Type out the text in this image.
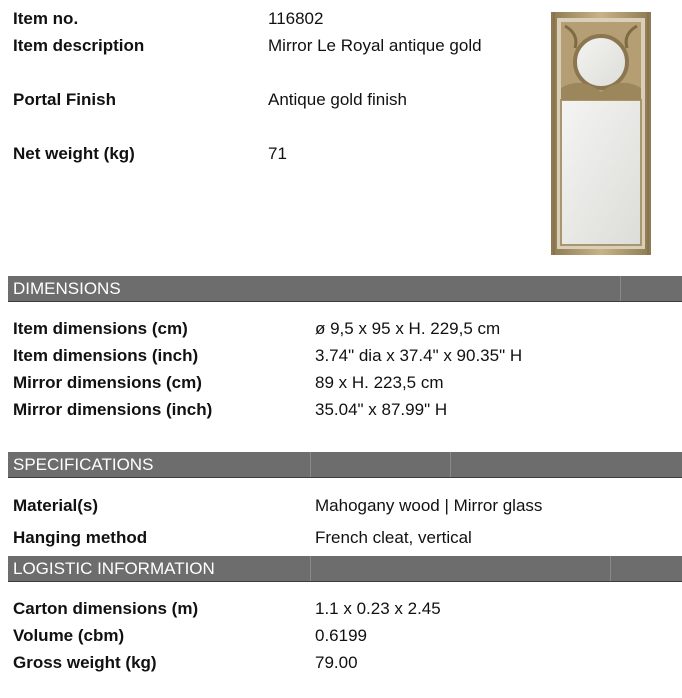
Item no.	116802
Item description	Mirror Le Royal antique gold
Portal Finish	Antique gold finish
Net weight (kg)	71
DIMENSIONS
Item dimensions (cm)	ø 9,5 x 95 x H. 229,5 cm
Item dimensions (inch)	3.74" dia x 37.4" x 90.35" H
Mirror dimensions (cm)	89 x H. 223,5 cm
Mirror dimensions (inch)	35.04" x 87.99" H
SPECIFICATIONS
Material(s)	Mahogany wood | Mirror glass
Hanging method	French cleat, vertical
LOGISTIC INFORMATION
Carton dimensions (m)	1.1 x 0.23 x 2.45
Volume (cbm)	0.6199
Gross weight (kg)	79.00
